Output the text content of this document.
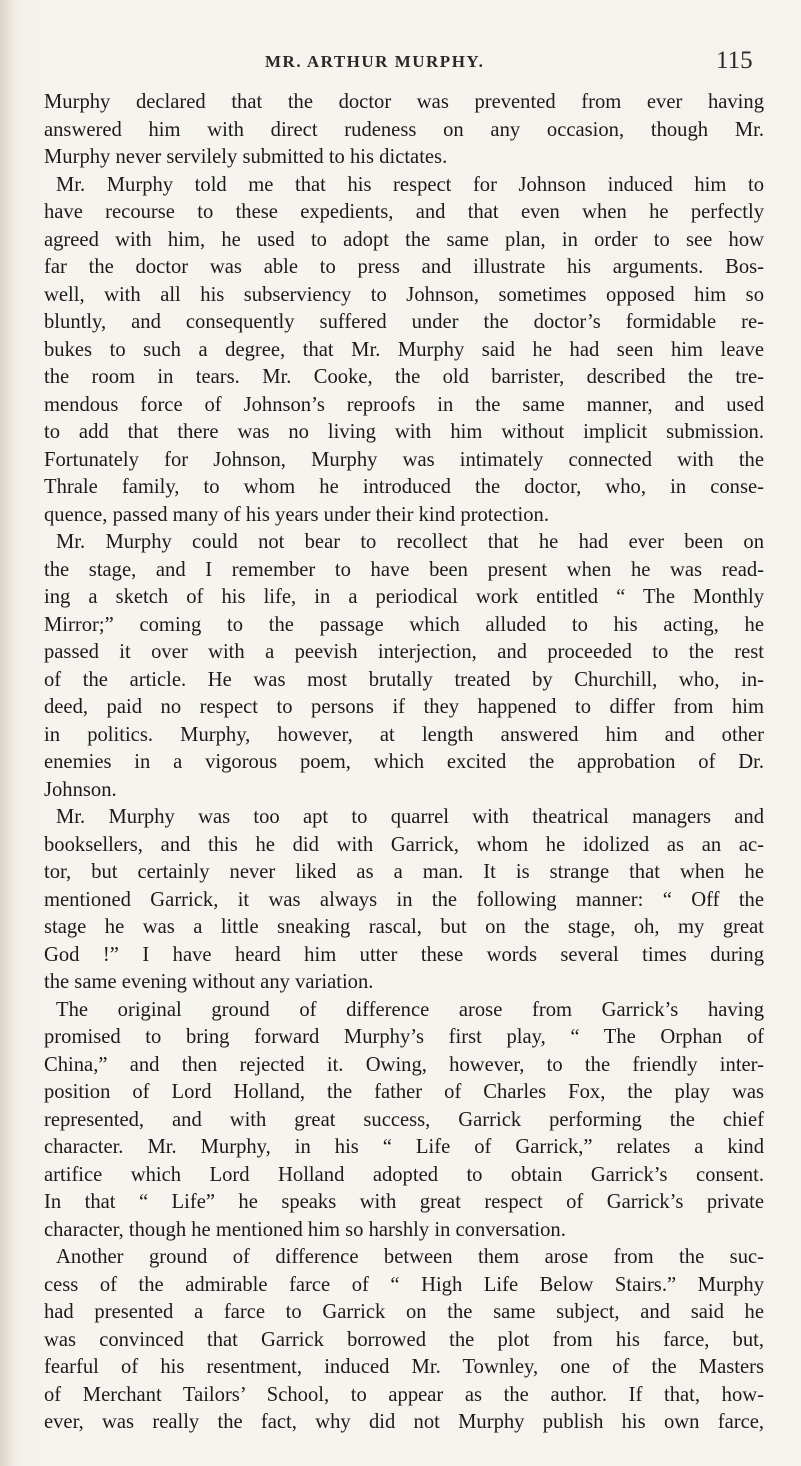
MR. ARTHUR MURPHY.	115
Murphy declared that the doctor was prevented from ever having
answered him with direct rudeness on any occasion, though Mr.
Murphy never servilely submitted to his dictates.
Mr. Murphy told me that his respect for Johnson induced him to
have recourse to these expedients, and that even when he perfectly
agreed with him, he used to adopt the same plan, in order to see how
far the doctor was able to press and illustrate his arguments. Bos-
well, with all his subserviency to Johnson, sometimes opposed him so
bluntly, and consequently suffered under the doctor’s formidable re-
bukes to such a degree, that Mr. Murphy said he had seen him leave
the room in tears. Mr. Cooke, the old barrister, described the tre-
mendous force of Johnson’s reproofs in the same manner, and used
to add that there was no living with him without implicit submission.
Fortunately for Johnson, Murphy was intimately connected with the
Thrale family, to whom he introduced the doctor, who, in conse-
quence, passed many of his years under their kind protection.
Mr. Murphy could not bear to recollect that he had ever been on
the stage, and I remember to have been present when he was read-
ing a sketch of his life, in a periodical work entitled “ The Monthly
Mirror;” coming to the passage which alluded to his acting, he
passed it over with a peevish interjection, and proceeded to the rest
of the article. He was most brutally treated by Churchill, who, in-
deed, paid no respect to persons if they happened to differ from him
in politics. Murphy, however, at length answered him and other
enemies in a vigorous poem, which excited the approbation of Dr.
Johnson.
Mr. Murphy was too apt to quarrel with theatrical managers and
booksellers, and this he did with Garrick, whom he idolized as an ac-
tor, but certainly never liked as a man. It is strange that when he
mentioned Garrick, it was always in the following manner: “ Off the
stage he was a little sneaking rascal, but on the stage, oh, my great
God !” I have heard him utter these words several times during
the same evening without any variation.
The original ground of difference arose from Garrick’s having
promised to bring forward Murphy’s first play, “ The Orphan of
China,” and then rejected it. Owing, however, to the friendly inter-
position of Lord Holland, the father of Charles Fox, the play was
represented, and with great success, Garrick performing the chief
character. Mr. Murphy, in his “ Life of Garrick,” relates a kind
artifice which Lord Holland adopted to obtain Garrick’s consent.
In that “ Life” he speaks with great respect of Garrick’s private
character, though he mentioned him so harshly in conversation.
Another ground of difference between them arose from the suc-
cess of the admirable farce of “ High Life Below Stairs.” Murphy
had presented a farce to Garrick on the same subject, and said he
was convinced that Garrick borrowed the plot from his farce, but,
fearful of his resentment, induced Mr. Townley, one of the Masters
of Merchant Tailors’ School, to appear as the author. If that, how-
ever, was really the fact, why did not Murphy publish his own farce,
